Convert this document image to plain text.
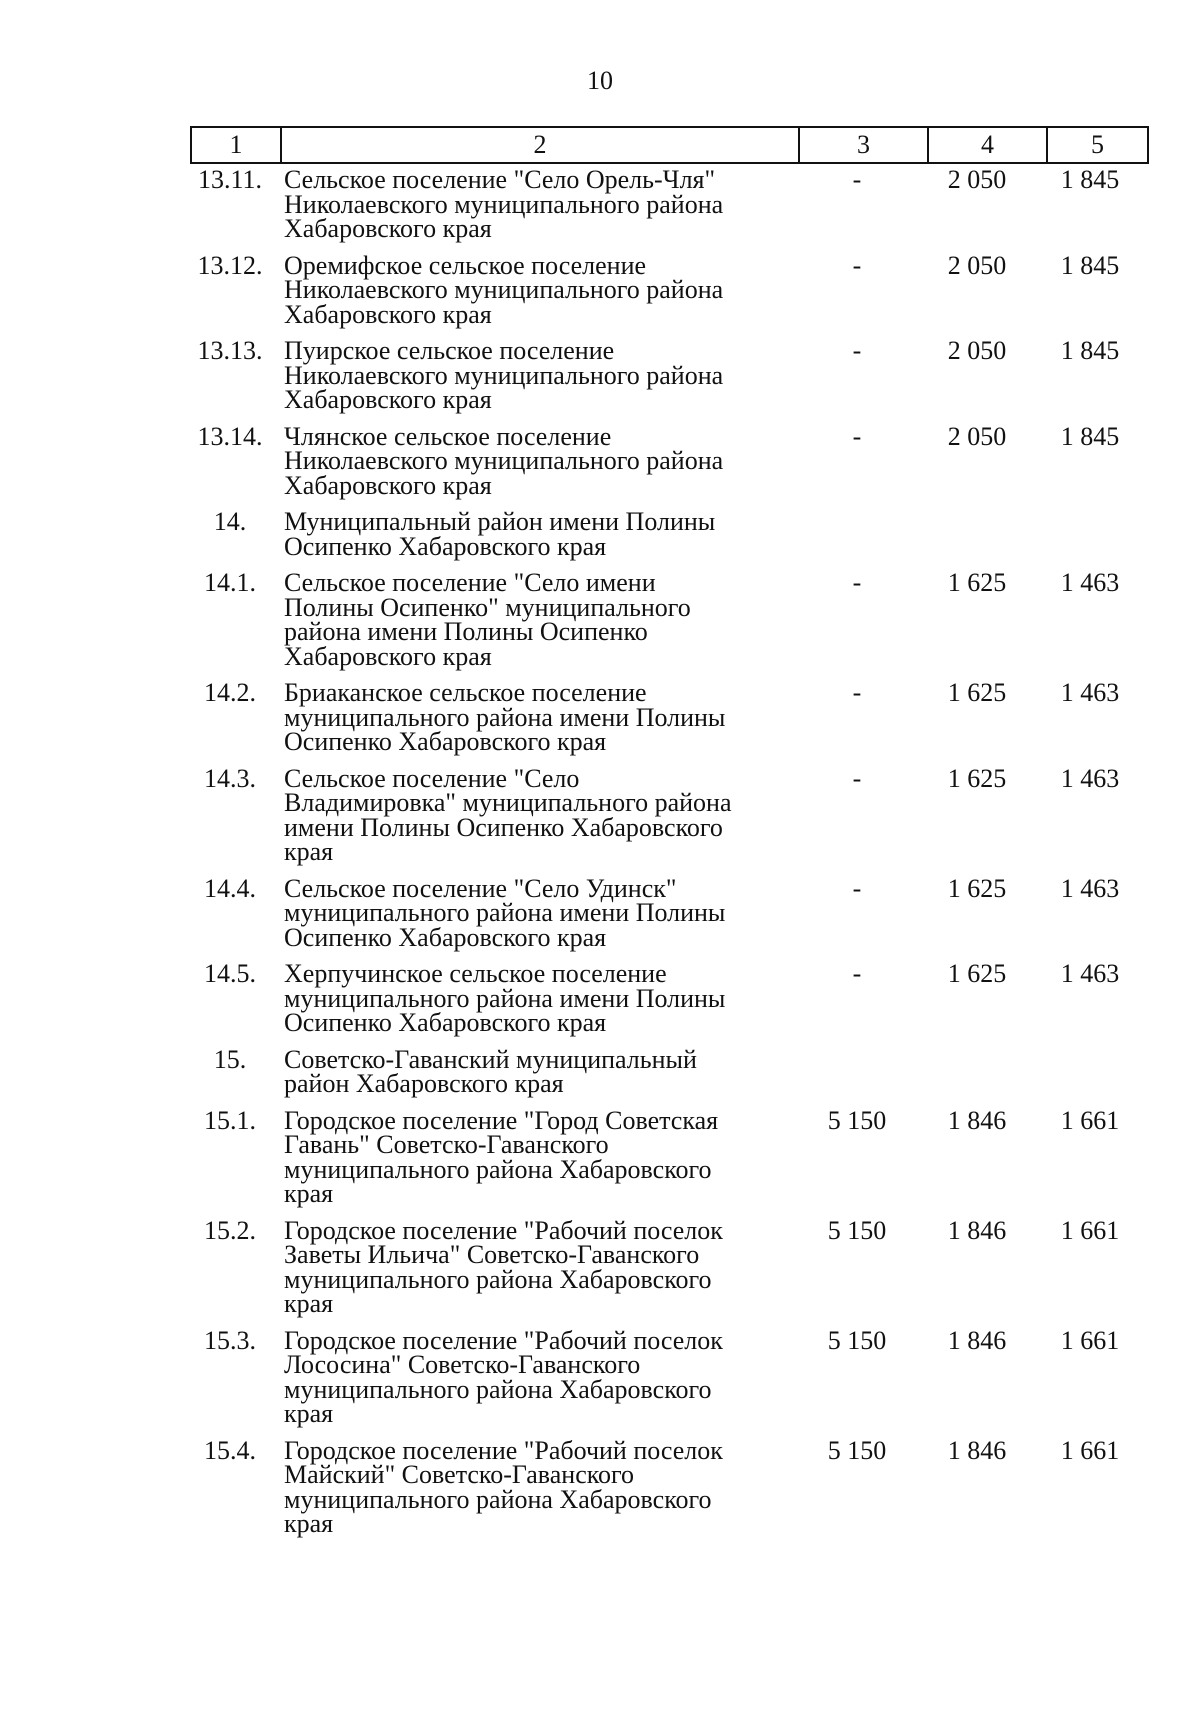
10
1	2	3	4	5
13.11. Сельское поселение "Село Орель-Чля"
Николаевского муниципального района
Хабаровского края
-	2 050	1 845
13.12. Оремифское сельское поселение
Николаевского муниципального района
Хабаровского края
-	2 050	1 845
13.13. Пуирское сельское поселение
Николаевского муниципального района
Хабаровского края
-	2 050	1 845
13.14. Члянское сельское поселение
Николаевского муниципального района
Хабаровского края
-	2 050	1 845
14.	Муниципальный район имени Полины
Осипенко Хабаровского края
14.1.	Сельское поселение "Село имени
Полины Осипенко" муниципального
района имени Полины Осипенко
Хабаровского края
-	1 625	1 463
14.2.	Бриаканское сельское поселение
муниципального района имени Полины
Осипенко Хабаровского края
-	1 625	1 463
14.3.	Сельское поселение "Село
Владимировка" муниципального района
имени Полины Осипенко Хабаровского
края
-	1 625	1 463
14.4.	Сельское поселение "Село Удинск"
муниципального района имени Полины
Осипенко Хабаровского края
-	1 625	1 463
14.5.	Херпучинское сельское поселение
муниципального района имени Полины
Осипенко Хабаровского края
-	1 625	1 463
15.	Советско-Гаванский муниципальный
район Хабаровского края
15.1.	Городское поселение "Город Советская
Гавань" Советско-Гаванского
муниципального района Хабаровского
края
5 150	1 846	1 661
15.2.	Городское поселение "Рабочий поселок
Заветы Ильича" Советско-Гаванского
муниципального района Хабаровского
края
5 150	1 846	1 661
15.3.	Городское поселение "Рабочий поселок
Лососина" Советско-Гаванского
муниципального района Хабаровского
края
5 150	1 846	1 661
15.4.	Городское поселение "Рабочий поселок
Майский" Советско-Гаванского
муниципального района Хабаровского
края
5 150	1 846	1 661
